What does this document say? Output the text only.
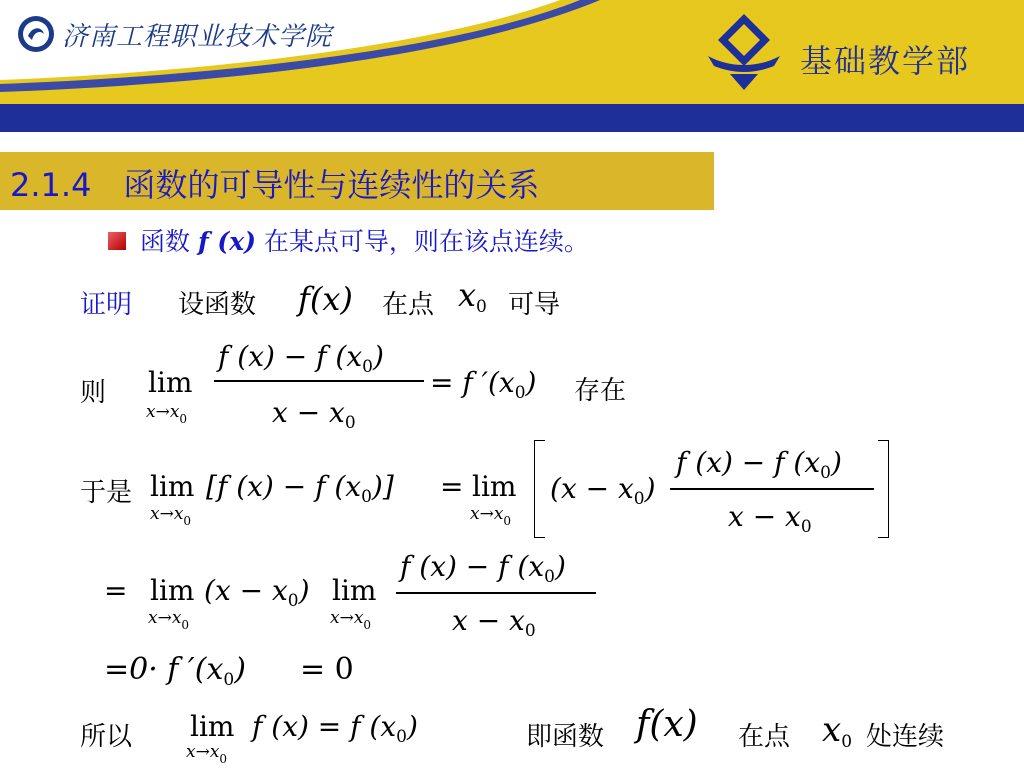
济南工程职业技术学院
基础教学部
2.1.4　函数的可导性与连续性的关系
函数 f (x) 在某点可导，则在该点连续。
证明 设函数 f(x) 在点 $x_0$ 可导
则 lim
$x\to x_0$
f (x) − f $(x_0)$
$x - x_0$
= f $'(x_0)$ 存在
于是 lim
$x\to x_0$
[f (x) − f $(x_0)] = \lim$
$x\to x_0$
$(x - x_0)$
f (x) − f $(x_0)$
$x - x_0$
= lim
$x\to x_0$
$(x - x_0)$ lim
$x\to x_0$
f (x) − f $(x_0)$
$x - x_0$
=0· f $'(x_0) = 0$
所以 lim
$x\to x_0$
f (x) = f $(x_0)$	即函数 f(x) 在点 $x_0$ 处连续
